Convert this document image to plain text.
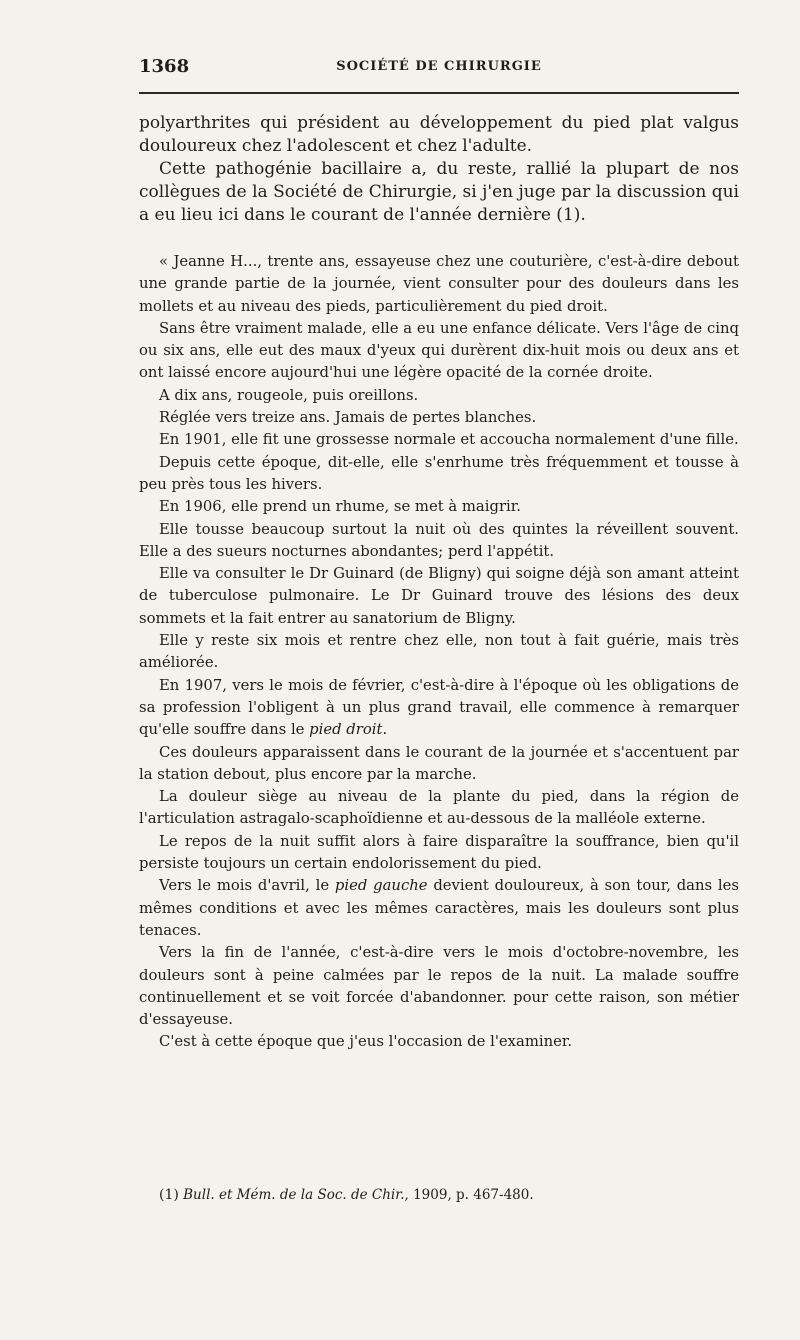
1368	SOCIÉTÉ DE CHIRURGIE

polyarthrites qui président au développement du pied plat valgus douloureux chez l'adolescent et chez l'adulte.

Cette pathogénie bacillaire a, du reste, rallié la plupart de nos collègues de la Société de Chirurgie, si j'en juge par la discussion qui a eu lieu ici dans le courant de l'année dernière (1).

« Jeanne H..., trente ans, essayeuse chez une couturière, c'est-à-dire debout une grande partie de la journée, vient consulter pour des douleurs dans les mollets et au niveau des pieds, particulièrement du pied droit.

Sans être vraiment malade, elle a eu une enfance délicate. Vers l'âge de cinq ou six ans, elle eut des maux d'yeux qui durèrent dix-huit mois ou deux ans et ont laissé encore aujourd'hui une légère opacité de la cornée droite.

A dix ans, rougeole, puis oreillons.

Réglée vers treize ans. Jamais de pertes blanches.

En 1901, elle fit une grossesse normale et accoucha normalement d'une fille.

Depuis cette époque, dit-elle, elle s'enrhume très fréquemment et tousse à peu près tous les hivers.

En 1906, elle prend un rhume, se met à maigrir.

Elle tousse beaucoup surtout la nuit où des quintes la réveillent souvent. Elle a des sueurs nocturnes abondantes; perd l'appétit.

Elle va consulter le Dr Guinard (de Bligny) qui soigne déjà son amant atteint de tuberculose pulmonaire. Le Dr Guinard trouve des lésions des deux sommets et la fait entrer au sanatorium de Bligny.

Elle y reste six mois et rentre chez elle, non tout à fait guérie, mais très améliorée.

En 1907, vers le mois de février, c'est-à-dire à l'époque où les obligations de sa profession l'obligent à un plus grand travail, elle commence à remarquer qu'elle souffre dans le pied droit.

Ces douleurs apparaissent dans le courant de la journée et s'accentuent par la station debout, plus encore par la marche.

La douleur siège au niveau de la plante du pied, dans la région de l'articulation astragalo-scaphoïdienne et au-dessous de la malléole externe.

Le repos de la nuit suffit alors à faire disparaître la souffrance, bien qu'il persiste toujours un certain endolorissement du pied.

Vers le mois d'avril, le pied gauche devient douloureux, à son tour, dans les mêmes conditions et avec les mêmes caractères, mais les douleurs sont plus tenaces.

Vers la fin de l'année, c'est-à-dire vers le mois d'octobre-novembre, les douleurs sont à peine calmées par le repos de la nuit. La malade souffre continuellement et se voit forcée d'abandonner. pour cette raison, son métier d'essayeuse.

C'est à cette époque que j'eus l'occasion de l'examiner.

(1) Bull. et Mém. de la Soc. de Chir., 1909, p. 467-480.
